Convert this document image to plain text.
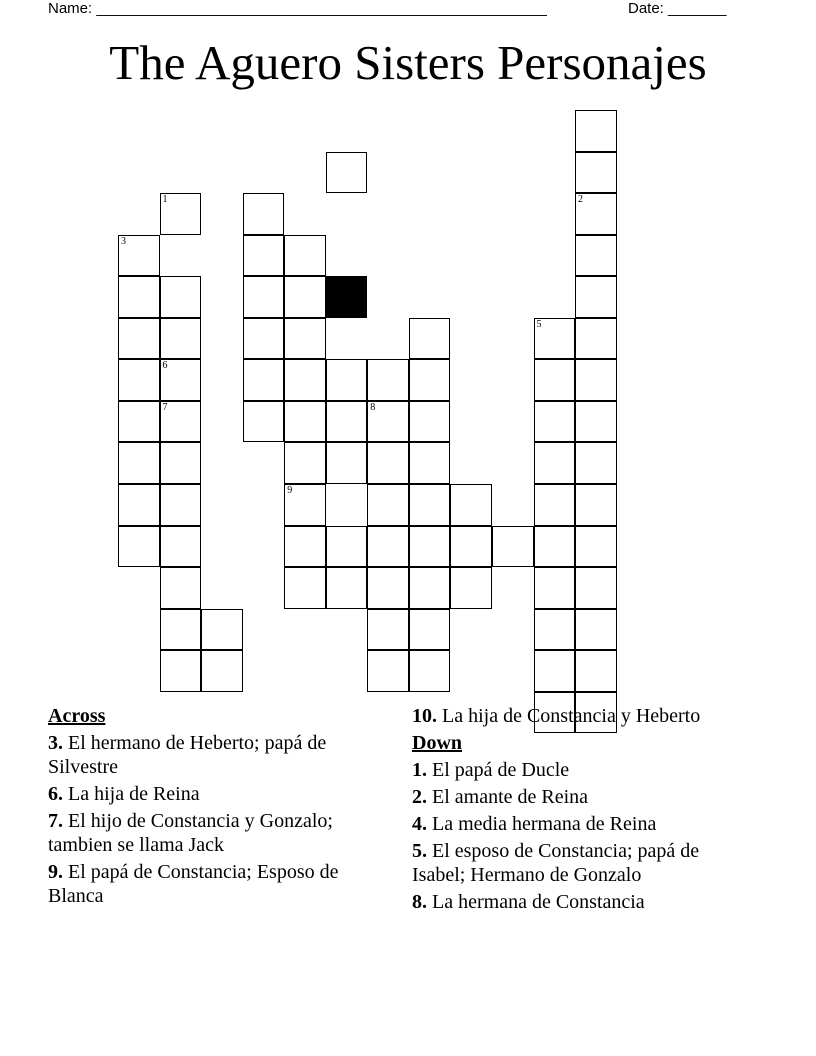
Name: ______________________________________________________	Date: _______
The Aguero Sisters Personajes
1
3
6
7
9
8
5
2
Across
3. El hermano de Heberto; papá de Silvestre
6. La hija de Reina
7. El hijo de Constancia y Gonzalo; tambien se llama Jack
9. El papá de Constancia; Esposo de Blanca
10. La hija de Constancia y Heberto
Down
1. El papá de Ducle
2. El amante de Reina
4. La media hermana de Reina
5. El esposo de Constancia; papá de Isabel; Hermano de Gonzalo
8. La hermana de Constancia
